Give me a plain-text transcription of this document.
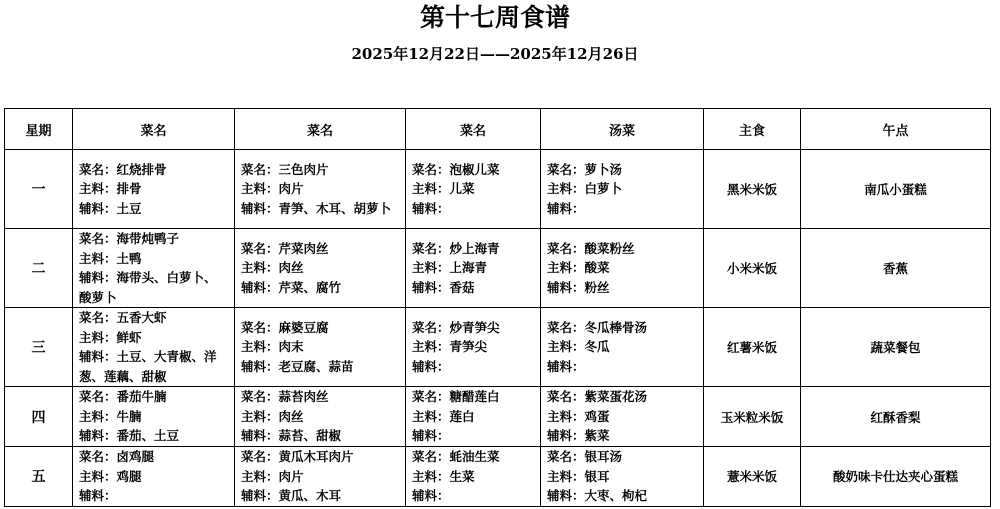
第十七周食谱
2025年12月22日——2025年12月26日
星期	菜名	菜名	菜名	汤菜	主食	午点
一	菜名：红烧排骨
主料：排骨
辅料：土豆	菜名：三色肉片
主料：肉片
辅料：青笋、木耳、胡萝卜	菜名：泡椒儿菜
主料：儿菜
辅料：	菜名：萝卜汤
主料：白萝卜
辅料：	黑米米饭	南瓜小蛋糕
二	菜名：海带炖鸭子
主料：土鸭
辅料：海带头、白萝卜、酸萝卜	菜名：芹菜肉丝
主料：肉丝
辅料：芹菜、腐竹	菜名：炒上海青
主料：上海青
辅料：香菇	菜名：酸菜粉丝
主料：酸菜
辅料：粉丝	小米米饭	香蕉
三	菜名：五香大虾
主料：鲜虾
辅料：土豆、大青椒、洋葱、莲藕、甜椒	菜名：麻婆豆腐
主料：肉末
辅料：老豆腐、蒜苗	菜名：炒青笋尖
主料：青笋尖
辅料：	菜名：冬瓜棒骨汤
主料：冬瓜
辅料：	红薯米饭	蔬菜餐包
四	菜名：番茄牛腩
主料：牛腩
辅料：番茄、土豆	菜名：蒜苔肉丝
主料：肉丝
辅料：蒜苔、甜椒	菜名：糖醋莲白
主料：莲白
辅料：	菜名：紫菜蛋花汤
主料：鸡蛋
辅料：紫菜	玉米粒米饭	红酥香梨
五	菜名：卤鸡腿
主料：鸡腿
辅料：	菜名：黄瓜木耳肉片
主料：肉片
辅料：黄瓜、木耳	菜名：蚝油生菜
主料：生菜
辅料：	菜名：银耳汤
主料：银耳
辅料：大枣、枸杞	薏米米饭	酸奶味卡仕达夹心蛋糕
